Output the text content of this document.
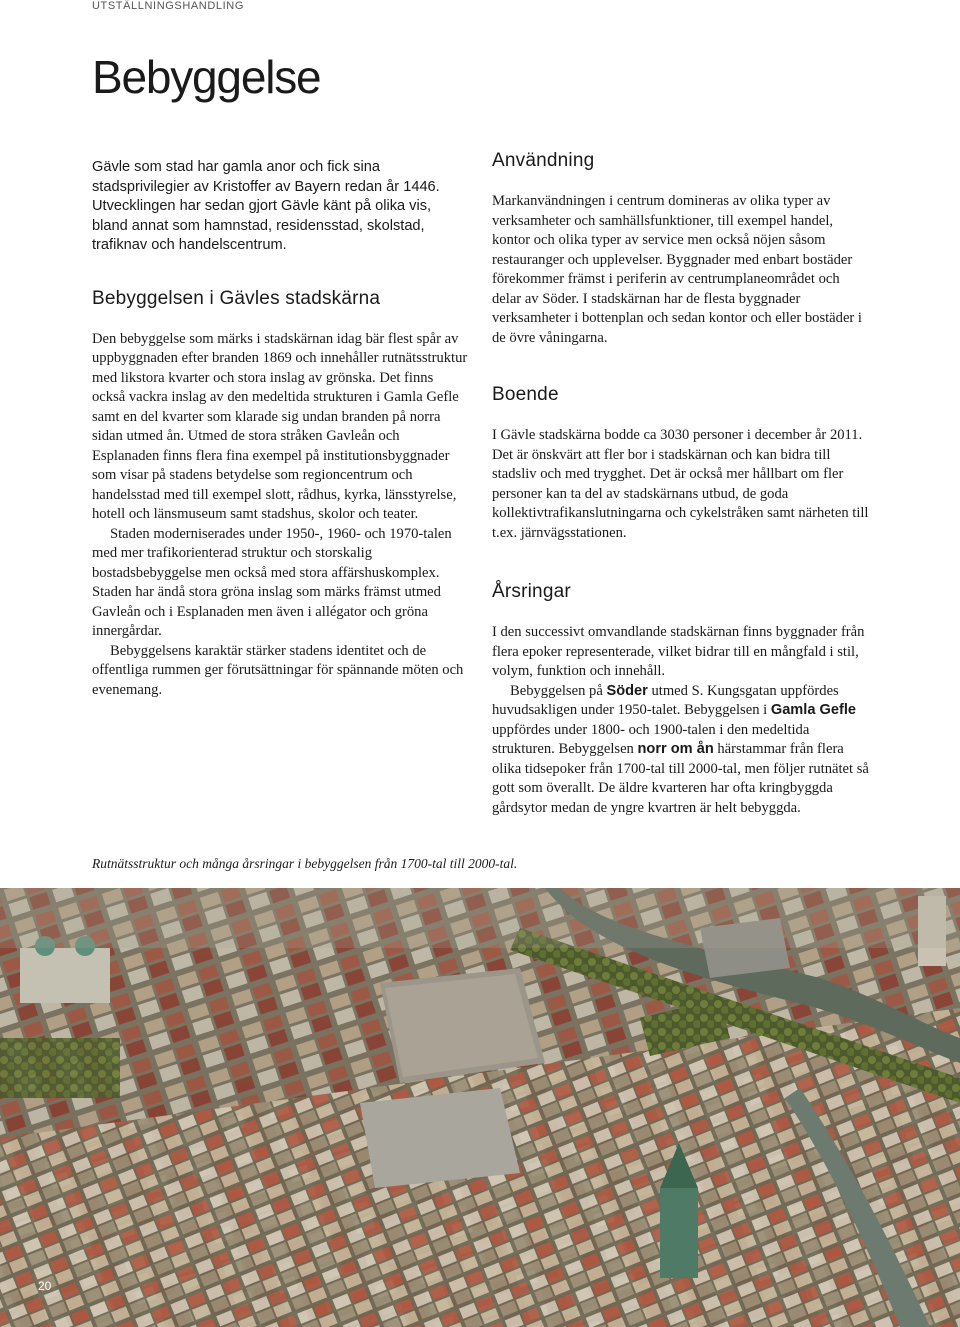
UTSTÄLLNINGSHANDLING
Bebyggelse

Gävle som stad har gamla anor och fick sina stadsprivilegier av Kristoffer av Bayern redan år 1446. Utvecklingen har sedan gjort Gävle känt på olika vis, bland annat som hamnstad, residensstad, skolstad, trafiknav och handelscentrum.

Bebyggelsen i Gävles stadskärna

Den bebyggelse som märks i stadskärnan idag bär flest spår av uppbyggnaden efter branden 1869 och innehåller rutnätsstruktur med likstora kvarter och stora inslag av grönska. Det finns också vackra inslag av den medeltida strukturen i Gamla Gefle samt en del kvarter som klarade sig undan branden på norra sidan utmed ån. Utmed de stora stråken Gavleån och Esplanaden finns flera fina exempel på institutionsbyggnader som visar på stadens betydelse som regioncentrum och handelsstad med till exempel slott, rådhus, kyrka, länsstyrelse, hotell och länsmuseum samt stadshus, skolor och teater.

Staden moderniserades under 1950-, 1960- och 1970-talen med mer trafikorienterad struktur och storskalig bostadsbebyggelse men också med stora affärshuskomplex. Staden har ändå stora gröna inslag som märks främst utmed Gavleån och i Esplanaden men även i allégator och gröna innergårdar.

Bebyggelsens karaktär stärker stadens identitet och de offentliga rummen ger förutsättningar för spännande möten och evenemang.

Användning

Markanvändningen i centrum domineras av olika typer av verksamheter och samhällsfunktioner, till exempel handel, kontor och olika typer av service men också nöjen såsom restauranger och upplevelser. Byggnader med enbart bostäder förekommer främst i periferin av centrumplaneområdet och delar av Söder. I stadskärnan har de flesta byggnader verksamheter i bottenplan och sedan kontor och eller bostäder i de övre våningarna.

Boende

I Gävle stadskärna bodde ca 3030 personer i december år 2011. Det är önskvärt att fler bor i stadskärnan och kan bidra till stadsliv och med trygghet. Det är också mer hållbart om fler personer kan ta del av stadskärnans utbud, de goda kollektivtrafikanslutningarna och cykelstråken samt närheten till t.ex. järnvägsstationen.

Årsringar

I den successivt omvandlande stadskärnan finns byggnader från flera epoker representerade, vilket bidrar till en mångfald i stil, volym, funktion och innehåll.

Bebyggelsen på Söder utmed S. Kungsgatan uppfördes huvudsakligen under 1950-talet. Bebyggelsen i Gamla Gefle uppfördes under 1800- och 1900-talen i den medeltida strukturen. Bebyggelsen norr om ån härstammar från flera olika tidsepoker från 1700-tal till 2000-tal, men följer rutnätet så gott som överallt. De äldre kvarteren har ofta kringbyggda gårdsytor medan de yngre kvartren är helt bebyggda.

Rutnätsstruktur och många årsringar i bebyggelsen från 1700-tal till 2000-tal.

20
